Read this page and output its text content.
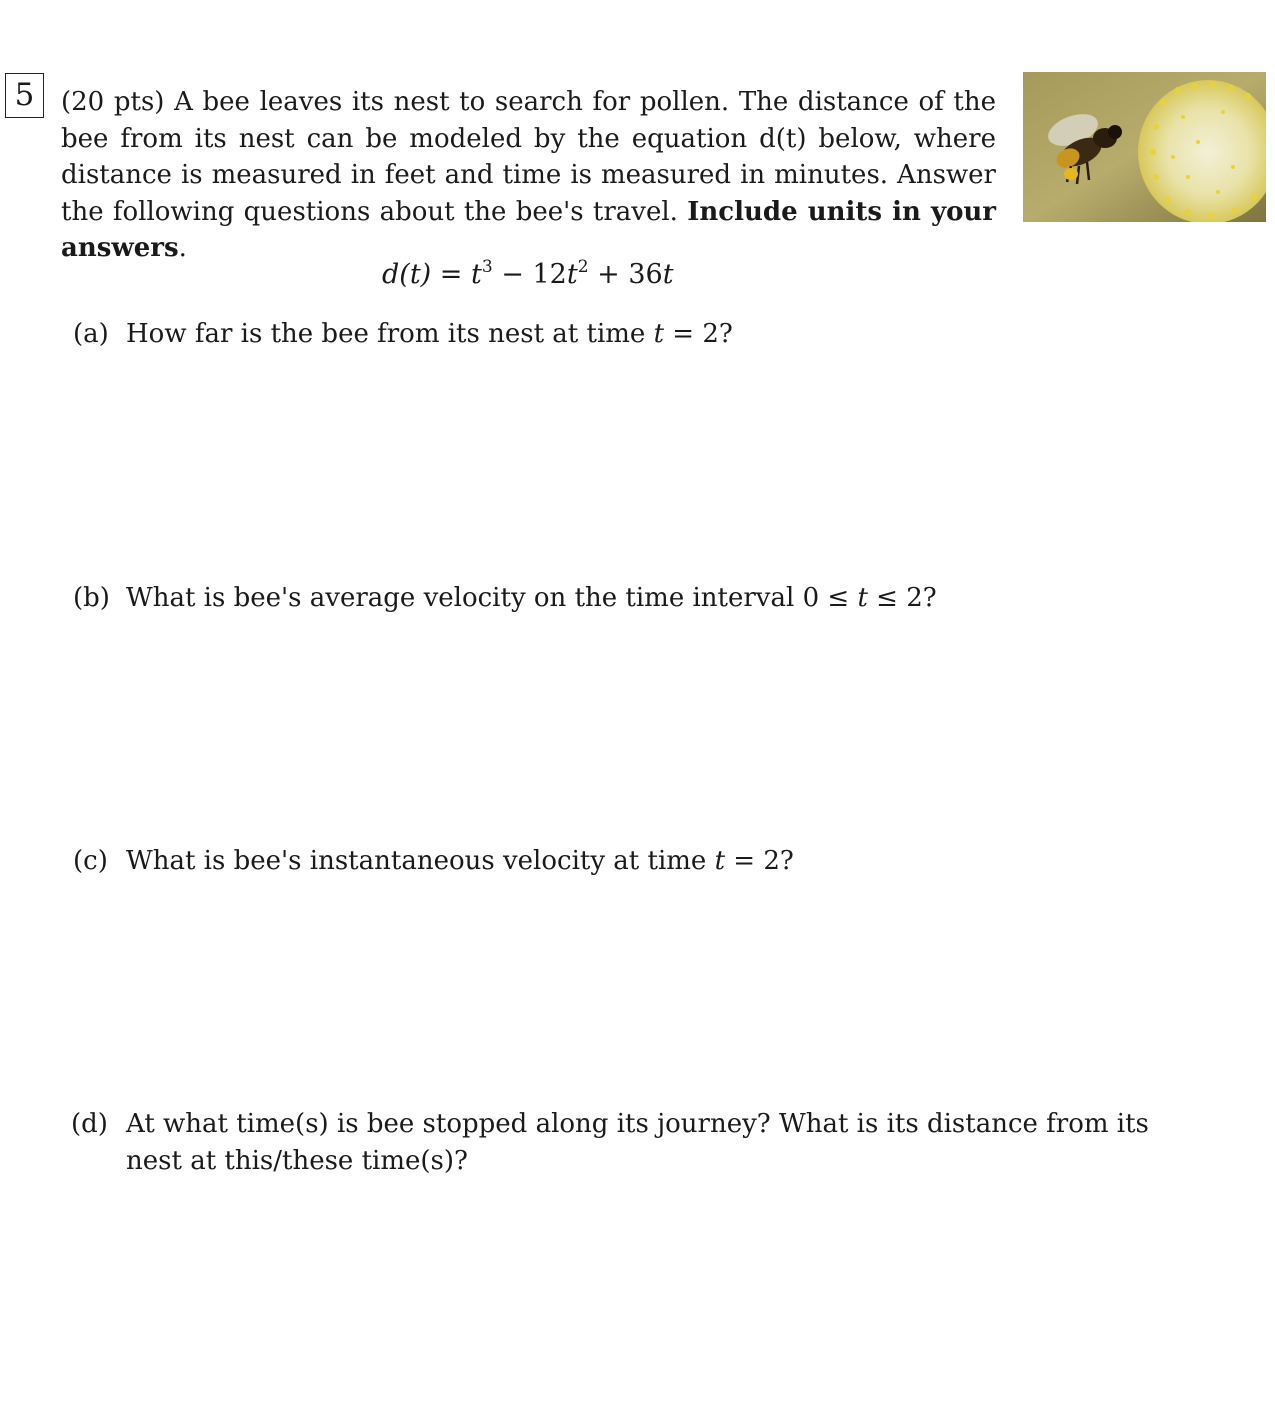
5	(20 pts) A bee leaves its nest to search for pollen. The distance of the bee from its nest can be modeled by the equation d(t) below, where distance is measured in feet and time is measured in minutes. Answer the following questions about the bee's travel. Include units in your answers.
$d(t) = t^3 - 12t^2 + 36t$
(a) How far is the bee from its nest at time t = 2?
(b) What is bee's average velocity on the time interval 0 ≤ t ≤ 2?
(c) What is bee's instantaneous velocity at time t = 2?
(d) At what time(s) is bee stopped along its journey? What is its distance from its nest at this/these time(s)?
